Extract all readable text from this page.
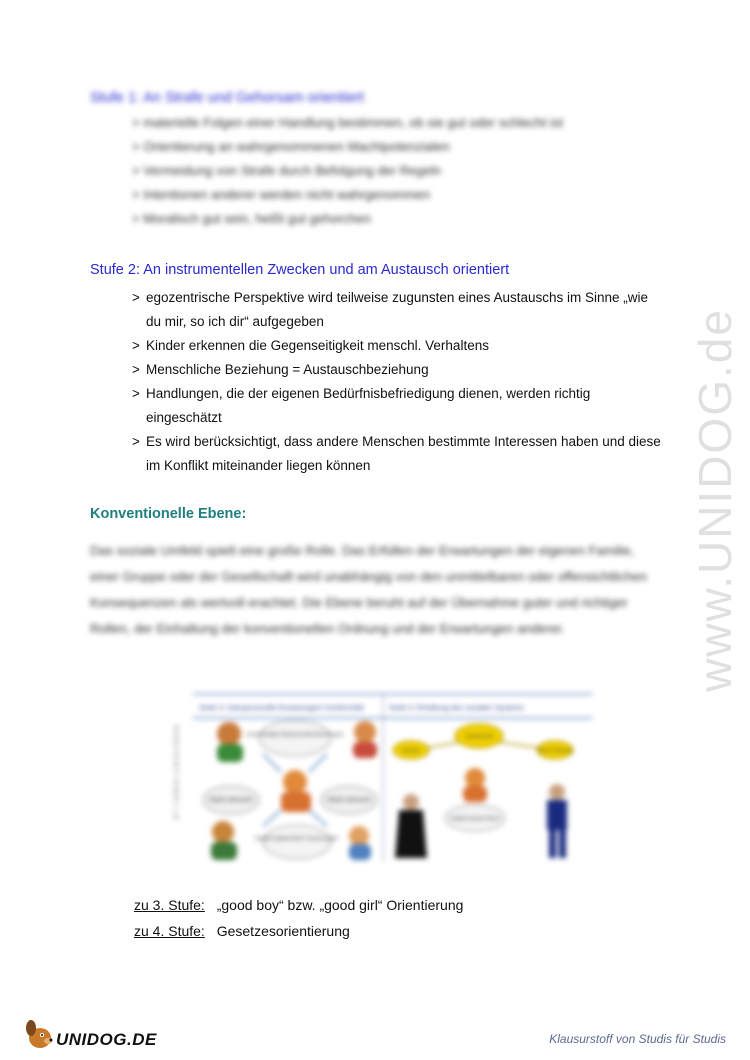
www.UNIDOG.de
Stufe 1: An Strafe und Gehorsam orientiert
> materielle Folgen einer Handlung bestimmen, ob sie gut oder schlecht ist
> Orientierung an wahrgenommenen Machtpotenzialen
> Vermeidung von Strafe durch Befolgung der Regeln
> Intentionen anderer werden nicht wahrgenommen
> Moralisch gut sein, heißt gut gehorchen
Stufe 2: An instrumentellen Zwecken und am Austausch orientiert
> egozentrische Perspektive wird teilweise zugunsten eines Austauschs im Sinne „wie du mir, so ich dir“ aufgegeben
> Kinder erkennen die Gegenseitigkeit menschl. Verhaltens
> Menschliche Beziehung = Austauschbeziehung
> Handlungen, die der eigenen Bedürfnisbefriedigung dienen, werden richtig eingeschätzt
> Es wird berücksichtigt, dass andere Menschen bestimmte Interessen haben und diese im Konflikt miteinander liegen können
Konventionelle Ebene:
Das soziale Umfeld spielt eine große Rolle. Das Erfüllen der Erwartungen der eigenen Familie, einer Gruppe oder der Gesellschaft wird unabhängig von den unmittelbaren oder offensichtlichen Konsequenzen als wertvoll erachtet. Die Ebene beruht auf der Übernahme guter und richtiger Rollen, der Einhaltung der konventionellen Ordnung und der Erwartungen anderer.
Stufe 3: Interpersonelle Erwartungen/ Konformität	Stufe 4: Erhaltung des sozialen Systems
KONVENTIONELLE	wechselseitige interpersonelle Beziehungen
PEER GROUPS	PEER GROUPS
Subjekt-Subjekt-Moral "Good boy/girl"
Gesellschaft
Gesetze	Recht Ordnung
Subjekt-System-Moral
zu 3. Stufe: „good boy“ bzw. „good girl“ Orientierung
zu 4. Stufe: Gesetzesorientierung
UNIDOG.DE	Klausurstoff von Studis für Studis
